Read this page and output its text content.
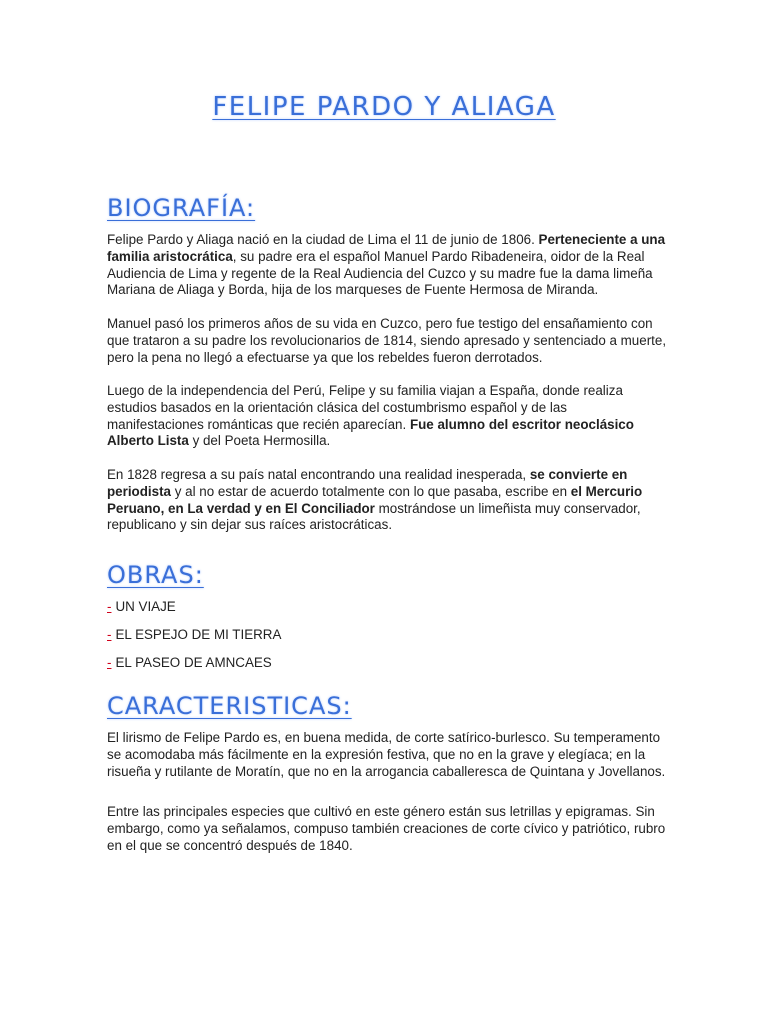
FELIPE PARDO Y ALIAGA
BIOGRAFÍA:
Felipe Pardo y Aliaga nació en la ciudad de Lima el 11 de junio de 1806. Perteneciente a una familia aristocrática, su padre era el español Manuel Pardo Ribadeneira, oidor de la Real Audiencia de Lima y regente de la Real Audiencia del Cuzco y su madre fue la dama limeña Mariana de Aliaga y Borda, hija de los marqueses de Fuente Hermosa de Miranda.
Manuel pasó los primeros años de su vida en Cuzco, pero fue testigo del ensañamiento con que trataron a su padre los revolucionarios de 1814, siendo apresado y sentenciado a muerte, pero la pena no llegó a efectuarse ya que los rebeldes fueron derrotados.
Luego de la independencia del Perú, Felipe y su familia viajan a España, donde realiza estudios basados en la orientación clásica del costumbrismo español y de las manifestaciones románticas que recién aparecían. Fue alumno del escritor neoclásico Alberto Lista y del Poeta Hermosilla.
En 1828 regresa a su país natal encontrando una realidad inesperada, se convierte en periodista y al no estar de acuerdo totalmente con lo que pasaba, escribe en el Mercurio Peruano, en La verdad y en El Conciliador mostrándose un limeñista muy conservador, republicano y sin dejar sus raíces aristocráticas.
OBRAS:
- UN VIAJE
- EL ESPEJO DE MI TIERRA
- EL PASEO DE AMNCAES
CARACTERISTICAS:
El lirismo de Felipe Pardo es, en buena medida, de corte satírico-burlesco. Su temperamento se acomodaba más fácilmente en la expresión festiva, que no en la grave y elegíaca; en la risueña y rutilante de Moratín, que no en la arrogancia caballeresca de Quintana y Jovellanos.
Entre las principales especies que cultivó en este género están sus letrillas y epigramas. Sin embargo, como ya señalamos, compuso también creaciones de corte cívico y patriótico, rubro en el que se concentró después de 1840.
